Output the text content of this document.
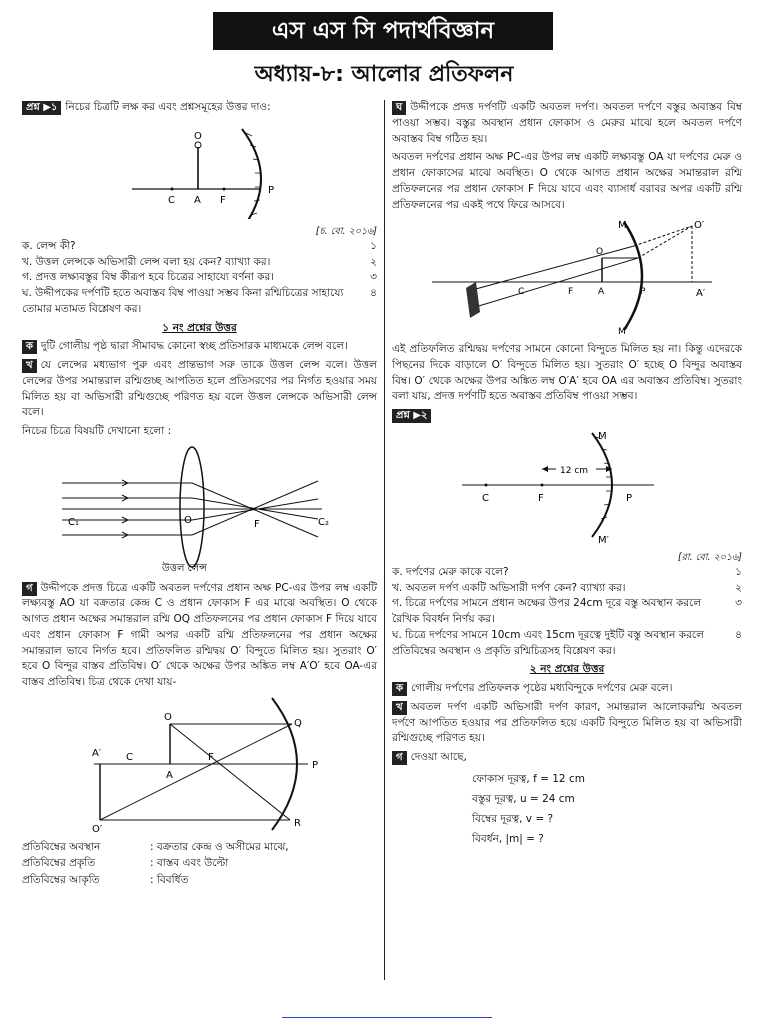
এস এস সি পদার্থবিজ্ঞান
অধ্যায়-৮: আলোর প্রতিফলন

প্রশ্ন ▶১ নিচের চিত্রটি লক্ষ কর এবং প্রশ্নসমূহের উত্তর দাও:

O
C A F
P

[চ. বো. ২০১৬]

ক. লেন্স কী?	১
খ. উত্তল লেন্সকে অভিসারী লেন্স বলা হয় কেন? ব্যাখ্যা কর।	২
গ. প্রদত্ত লক্ষ্যবস্তুর বিম্ব কীরূপ হবে চিত্রের সাহায্যে বর্ণনা কর।	৩
ঘ. উদ্দীপকের দর্পণটি হতে অবাস্তব বিম্ব পাওয়া সম্ভব কিনা রশ্মিচিত্রের সাহায্যে তোমার মতামত বিশ্লেষণ কর।
৪
১ নং প্রশ্নের উত্তর

ক দুটি গোলীয় পৃষ্ঠ দ্বারা সীমাবদ্ধ কোনো স্বচ্ছ প্রতিসারক মাধ্যমকে লেন্স বলে।

খ যে লেন্সের মধ্যভাগ পুরু এবং প্রান্তভাগ সরু তাকে উত্তল লেন্স বলে। উত্তল লেন্সের উপর সমান্তরাল রশ্মিগুচ্ছ আপতিত হলে প্রতিসরণের পর নির্গত হওয়ার সময় মিলিত হয় বা অভিসারী রশ্মিগুচ্ছে পরিণত হয় বলে উত্তল লেন্সকে অভিসারী লেন্স বলে।

নিচের চিত্রে বিষয়টি দেখানো হলো :

C₁	C₂
O	F
উত্তল লেন্স

গ উদ্দীপকে প্রদত্ত চিত্রে একটি অবতল দর্পণের প্রধান অক্ষ PC-এর উপর লম্ব একটি লক্ষ্যবস্তু AO যা বক্রতার কেন্দ্র C ও প্রধান ফোকাস F এর মাঝে অবস্থিত। O থেকে আগত প্রধান অক্ষের সমান্তরাল রশ্মি OQ প্রতিফলনের পর প্রধান ফোকাস F দিয়ে যাবে এবং প্রধান ফোকাস F গামী অপর একটি রশ্মি প্রতিফলনের পর প্রধান অক্ষের সমান্তরাল ভাবে নির্গত হবে। প্রতিফলিত রশ্মিদ্বয় O′ বিন্দুতে মিলিত হয়। সুতরাং O′ হবে O বিন্দুর বাস্তব প্রতিবিম্ব। O′ থেকে অক্ষের উপর অঙ্কিত লম্ব A′O′ হবে OA-এর বাস্তব প্রতিবিম্ব। চিত্র থেকে দেখা যায়-

A′ C
O
A
F
Q
P
R
O′
প্রতিবিম্বের অবস্থান	: বক্রতার কেন্দ্র ও অসীমের মাঝে,
প্রতিবিম্বের প্রকৃতি	: বাস্তব এবং উল্টো
প্রতিবিম্বের আকৃতি	: বিবর্ধিত

ঘ উদ্দীপকে প্রদত্ত দর্পণটি একটি অবতল দর্পণ। অবতল দর্পণে বস্তুর অবাস্তব বিম্ব পাওয়া সম্ভব। বস্তুর অবস্থান প্রধান ফোকাস ও মেরুর মাঝে হলে অবতল দর্পণে অবাস্তব বিম্ব গঠিত হয়।

অবতল দর্পণের প্রধান অক্ষ PC-এর উপর লম্ব একটি লক্ষ্যবস্তু OA যা দর্পণের মেরু ও প্রধান ফোকাসের মাঝে অবস্থিত। O থেকে আগত প্রধান অক্ষের সমান্তরাল রশ্মি প্রতিফলনের পর প্রধান ফোকাস F দিয়ে যাবে এবং ব্যাসার্ধ বরাবর অপর একটি রশ্মি প্রতিফলনের পর একই পথে ফিরে আসবে।

M	O′
C	F	A
O
P	A′
M′

এই প্রতিফলিত রশ্মিদ্বয় দর্পণের সামনে কোনো বিন্দুতে মিলিত হয় না। কিন্তু এদেরকে পিছনের দিকে বাড়ালে O′ বিন্দুতে মিলিত হয়। সুতরাং O′ হচ্ছে O বিন্দুর অবাস্তব বিম্ব। O′ থেকে অক্ষের উপর অঙ্কিত লম্ব O′A′ হবে OA এর অবাস্তব প্রতিবিম্ব। সুতরাং বলা যায়, প্রদত্ত দর্পণটি হতে অবাস্তব প্রতিবিম্ব পাওয়া সম্ভব।

প্রশ্ন ▶২

12 cm
M
C	F	P
M′

[রা. বো. ২০১৬]

ক. দর্পণের মেরু কাকে বলে?	১
খ. অবতল দর্পণ একটি অভিসারী দর্পণ কেন? ব্যাখ্যা কর।	২
গ. চিত্রে দর্পণের সামনে প্রধান অক্ষের উপর 24cm দূরে বস্তু অবস্থান করলে রৈখিক বিবর্ধন নির্ণয় কর।
৩
ঘ. চিত্রে দর্পণের সামনে 10cm এবং 15cm দূরত্বে দুইটি বস্তু অবস্থান করলে প্রতিবিম্বের অবস্থান ও প্রকৃতি রশ্মিচিত্রসহ বিশ্লেষণ কর।
৪
২ নং প্রশ্নের উত্তর

ক গোলীয় দর্পণের প্রতিফলক পৃষ্ঠের মধ্যবিন্দুকে দর্পণের মেরু বলে।

খ অবতল দর্পণ একটি অভিসারী দর্পণ কারণ, সমান্তরাল আলোকরশ্মি অবতল দর্পণে আপতিত হওয়ার পর প্রতিফলিত হয়ে একটি বিন্দুতে মিলিত হয় বা অভিসারী রশ্মিগুচ্ছে পরিণত হয়।

গ দেওয়া আছে,

ফোকাস দূরত্ব, f = 12 cm
বস্তুর দূরত্ব, u = 24 cm
বিম্বের দূরত্ব, v = ?
বিবর্ধন, |m| = ?
